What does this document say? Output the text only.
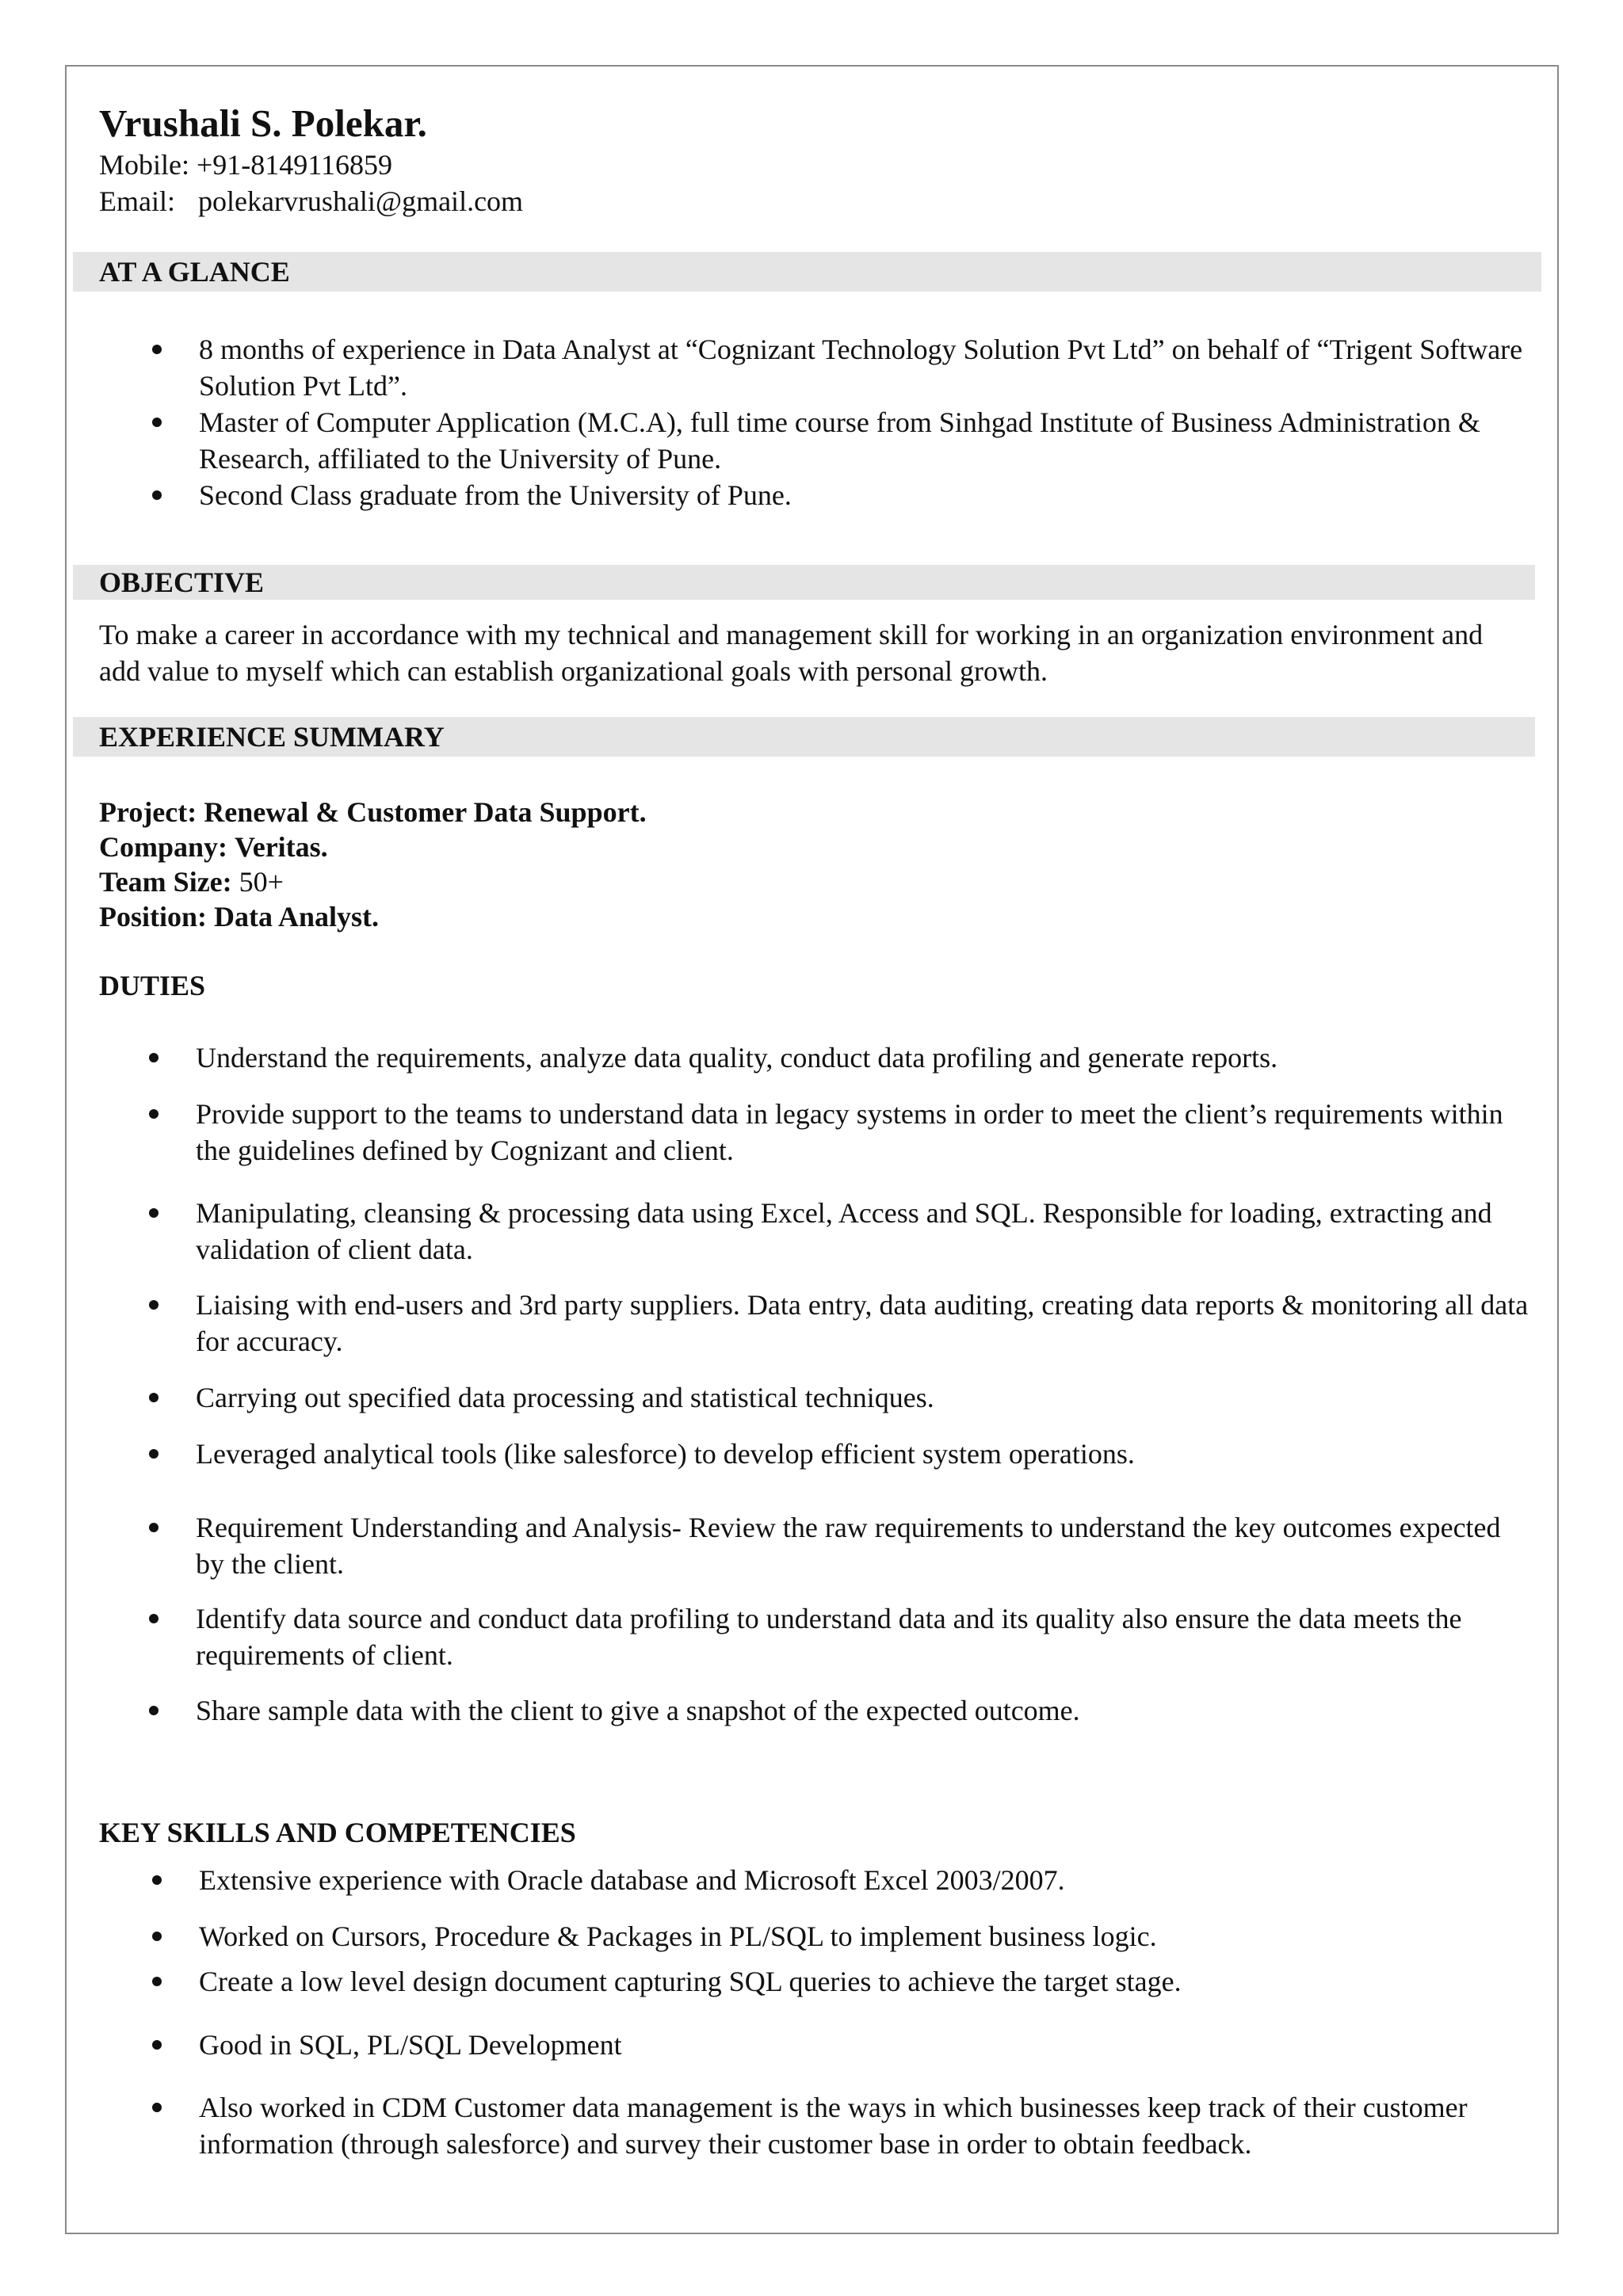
Vrushali S. Polekar.
Mobile: +91-8149116859
Email: polekarvrushali@gmail.com
AT A GLANCE
8 months of experience in Data Analyst at “Cognizant Technology Solution Pvt Ltd” on behalf of “Trigent Software Solution Pvt Ltd”.
Master of Computer Application (M.C.A), full time course from Sinhgad Institute of Business Administration & Research, affiliated to the University of Pune.
Second Class graduate from the University of Pune.
OBJECTIVE
To make a career in accordance with my technical and management skill for working in an organization environment and add value to myself which can establish organizational goals with personal growth.
EXPERIENCE SUMMARY
Project: Renewal & Customer Data Support.
Company: Veritas.
Team Size: 50+
Position: Data Analyst.
DUTIES
Understand the requirements, analyze data quality, conduct data profiling and generate reports.
Provide support to the teams to understand data in legacy systems in order to meet the client’s requirements within the guidelines defined by Cognizant and client.
Manipulating, cleansing & processing data using Excel, Access and SQL. Responsible for loading, extracting and validation of client data.
Liaising with end-users and 3rd party suppliers. Data entry, data auditing, creating data reports & monitoring all data for accuracy.
Carrying out specified data processing and statistical techniques.
Leveraged analytical tools (like salesforce) to develop efficient system operations.
Requirement Understanding and Analysis- Review the raw requirements to understand the key outcomes expected by the client.
Identify data source and conduct data profiling to understand data and its quality also ensure the data meets the requirements of client.
Share sample data with the client to give a snapshot of the expected outcome.
KEY SKILLS AND COMPETENCIES
Extensive experience with Oracle database and Microsoft Excel 2003/2007.
Worked on Cursors, Procedure & Packages in PL/SQL to implement business logic.
Create a low level design document capturing SQL queries to achieve the target stage.
Good in SQL, PL/SQL Development
Also worked in CDM Customer data management is the ways in which businesses keep track of their customer information (through salesforce) and survey their customer base in order to obtain feedback.
